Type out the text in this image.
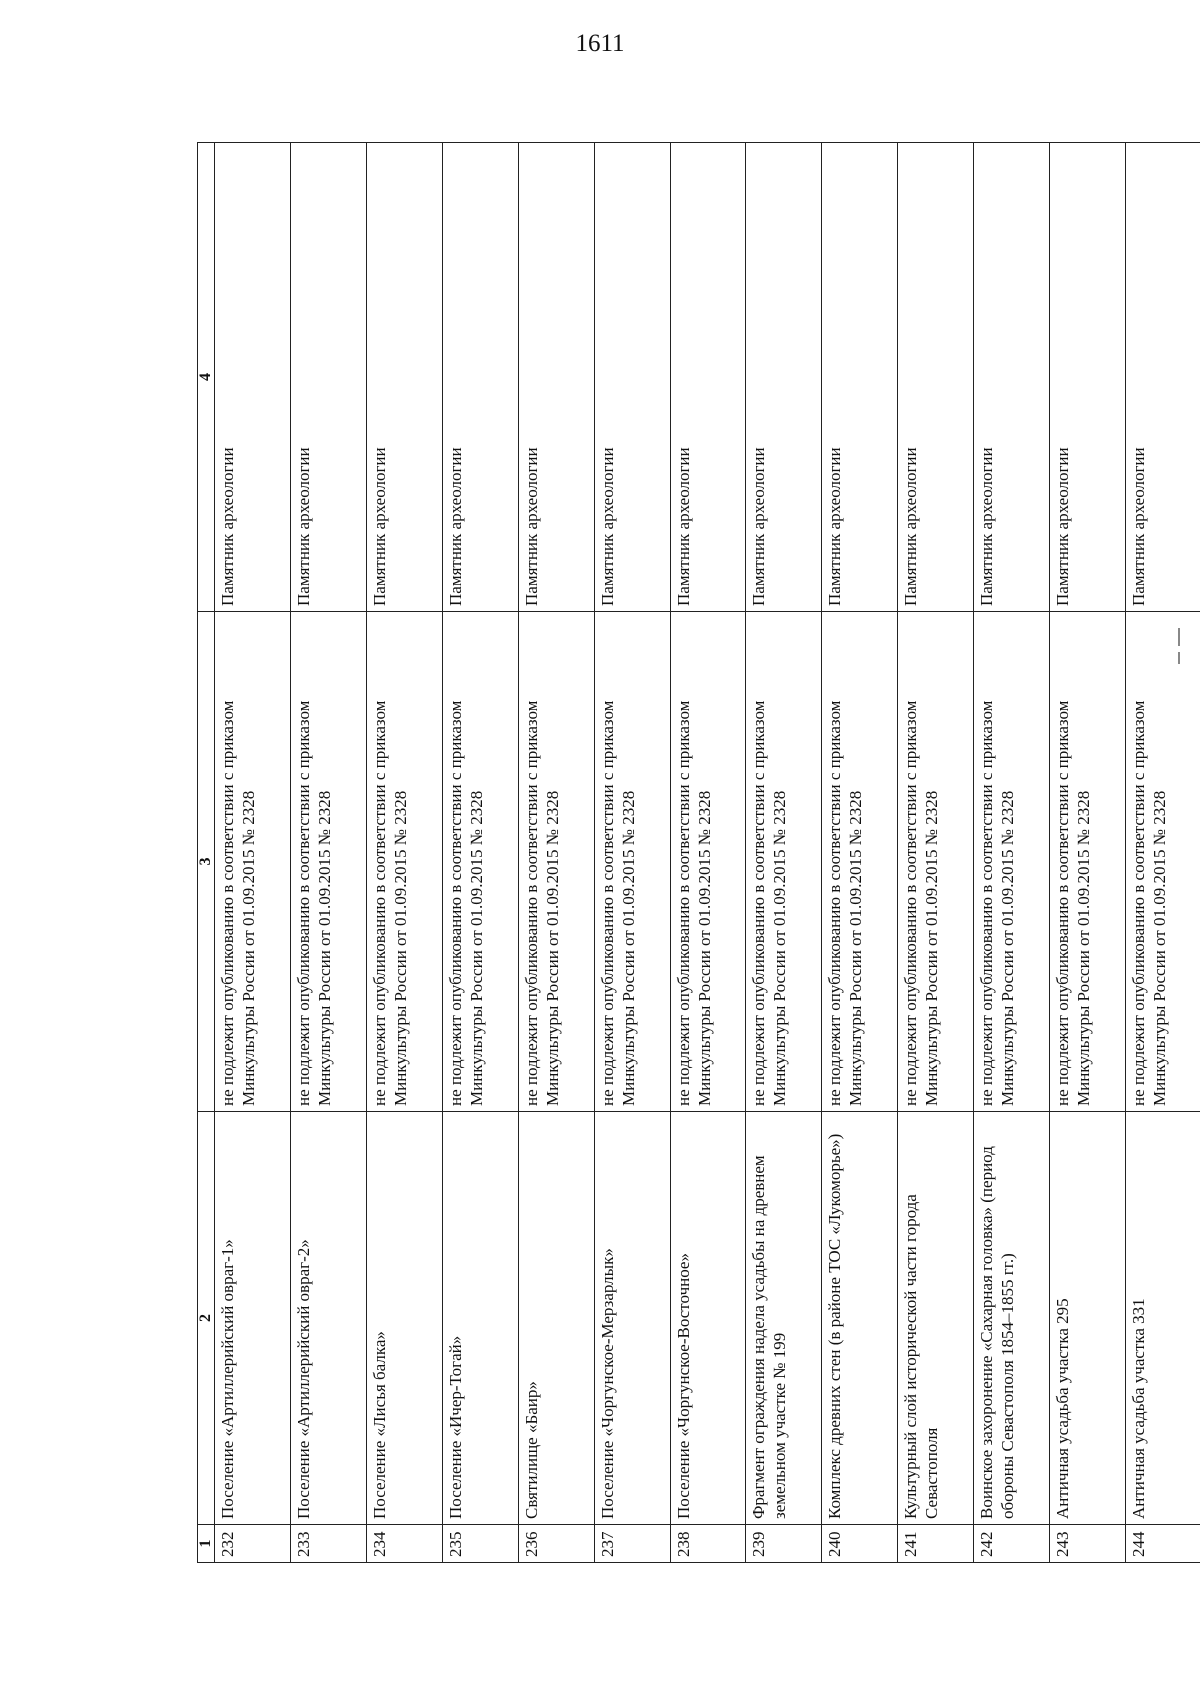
1611
1	2	3	4
232	Поселение «Артиллерийский овраг-1»	не подлежит опубликованию в соответствии с приказом Минкультуры России от 01.09.2015 № 2328	Памятник археологии
233	Поселение «Артиллерийский овраг-2»	не подлежит опубликованию в соответствии с приказом Минкультуры России от 01.09.2015 № 2328	Памятник археологии
234	Поселение «Лисья балка»	не подлежит опубликованию в соответствии с приказом Минкультуры России от 01.09.2015 № 2328	Памятник археологии
235	Поселение «Ичер-Тогай»	не подлежит опубликованию в соответствии с приказом Минкультуры России от 01.09.2015 № 2328	Памятник археологии
236	Святилище «Баир»	не подлежит опубликованию в соответствии с приказом Минкультуры России от 01.09.2015 № 2328	Памятник археологии
237	Поселение «Чоргунское-Мерзарлык»	не подлежит опубликованию в соответствии с приказом Минкультуры России от 01.09.2015 № 2328	Памятник археологии
238	Поселение «Чоргунское-Восточное»	не подлежит опубликованию в соответствии с приказом Минкультуры России от 01.09.2015 № 2328	Памятник археологии
239	Фрагмент ограждения надела усадьбы на древнем земельном участке № 199	не подлежит опубликованию в соответствии с приказом Минкультуры России от 01.09.2015 № 2328	Памятник археологии
240	Комплекс древних стен (в районе ТОС «Лукоморье»)	не подлежит опубликованию в соответствии с приказом Минкультуры России от 01.09.2015 № 2328	Памятник археологии
241	Культурный слой исторической части города Севастополя	не подлежит опубликованию в соответствии с приказом Минкультуры России от 01.09.2015 № 2328	Памятник археологии
242	Воинское захоронение «Сахарная головка» (период обороны Севастополя 1854–1855 гг.)	не подлежит опубликованию в соответствии с приказом Минкультуры России от 01.09.2015 № 2328	Памятник археологии
243	Античная усадьба участка 295	не подлежит опубликованию в соответствии с приказом Минкультуры России от 01.09.2015 № 2328	Памятник археологии
244	Античная усадьба участка 331	не подлежит опубликованию в соответствии с приказом Минкультуры России от 01.09.2015 № 2328	Памятник археологии
